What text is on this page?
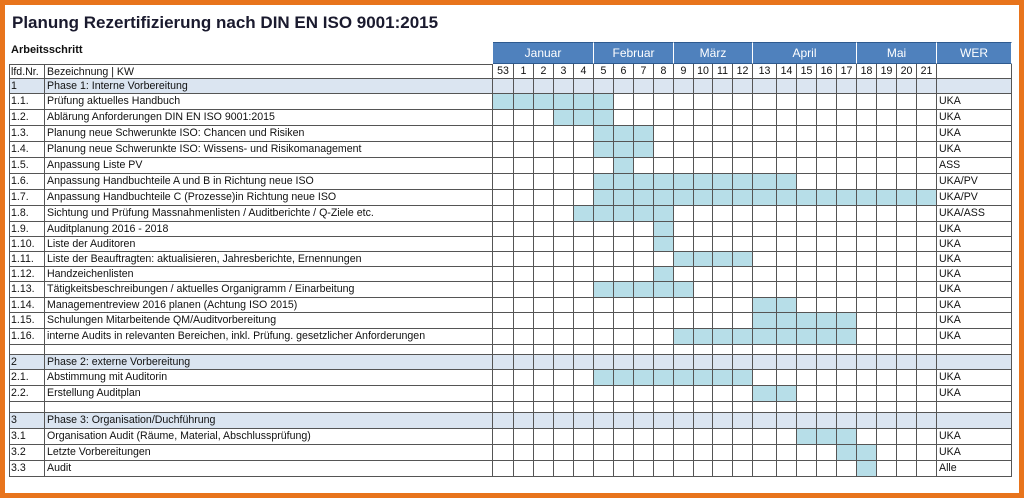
Planung Rezertifizierung nach DIN EN ISO 9001:2015
Arbeitsschritt	Januar	Februar	März	April	Mai	WER
lfd.Nr. Bezeichnung | KW	53	1	2	3	4	5	6	7	8	9	10 11 12 13 14 15 16 17 18 19 20 21
1	Phase 1: Interne Vorbereitung
1.1.	Prüfung aktuelles Handbuch	UKA
1.2.	Ablärung Anforderungen DIN EN ISO 9001:2015	UKA
1.3.	Planung neue Schwerunkte ISO: Chancen und Risiken	UKA
1.4.	Planung neue Schwerunkte ISO: Wissens- und Risikomanagement	UKA
1.5.	Anpassung Liste PV	ASS
1.6.	Anpassung Handbuchteile A und B in Richtung neue ISO	UKA/PV
1.7.	Anpassung Handbuchteile C (Prozesse)in Richtung neue ISO	UKA/PV
1.8.	Sichtung und Prüfung Massnahmenlisten / Auditberichte / Q-Ziele etc.	UKA/ASS
1.9.	Auditplanung 2016 - 2018	UKA
1.10.	Liste der Auditoren	UKA
1.11.	Liste der Beauftragten: aktualisieren, Jahresberichte, Ernennungen	UKA
1.12.	Handzeichenlisten	UKA
1.13.	Tätigkeitsbeschreibungen / aktuelles Organigramm / Einarbeitung	UKA
1.14.	Managementreview 2016 planen (Achtung ISO 2015)	UKA
1.15.	Schulungen Mitarbeitende QM/Auditvorbereitung	UKA
1.16.	interne Audits in relevanten Bereichen, inkl. Prüfung. gesetzlicher Anforderungen	UKA
2	Phase 2: externe Vorbereitung
2.1.	Abstimmung mit Auditorin	UKA
2.2.	Erstellung Auditplan	UKA
3	Phase 3: Organisation/Duchführung
3.1	Organisation Audit (Räume, Material, Abschlussprüfung)	UKA
3.2	Letzte Vorbereitungen	UKA
3.3	Audit	Alle
